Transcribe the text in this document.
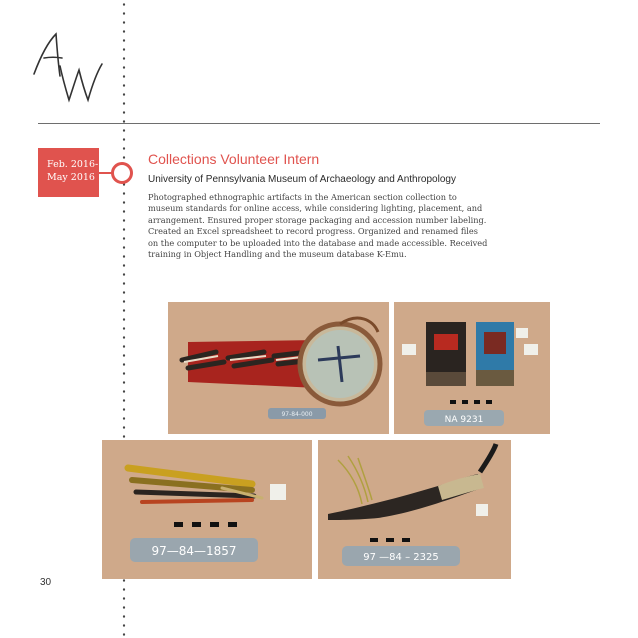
Feb. 2016-
May 2016
Collections Volunteer Intern
University of Pennsylvania Museum of Archaeology and Anthropology
Photographed ethnographic artifacts in the American section collection to
museum standards for online access, while considering lighting, placement, and
arrangement. Ensured proper storage packaging and accession number labeling.
Created an Excel spreadsheet to record progress. Organized and renamed files
on the computer to be uploaded into the database and made accessible. Received
training in Object Handling and the museum database K-Emu.
97-84-000
NA 9231
97—84—1857	97 —84 – 2325
30
